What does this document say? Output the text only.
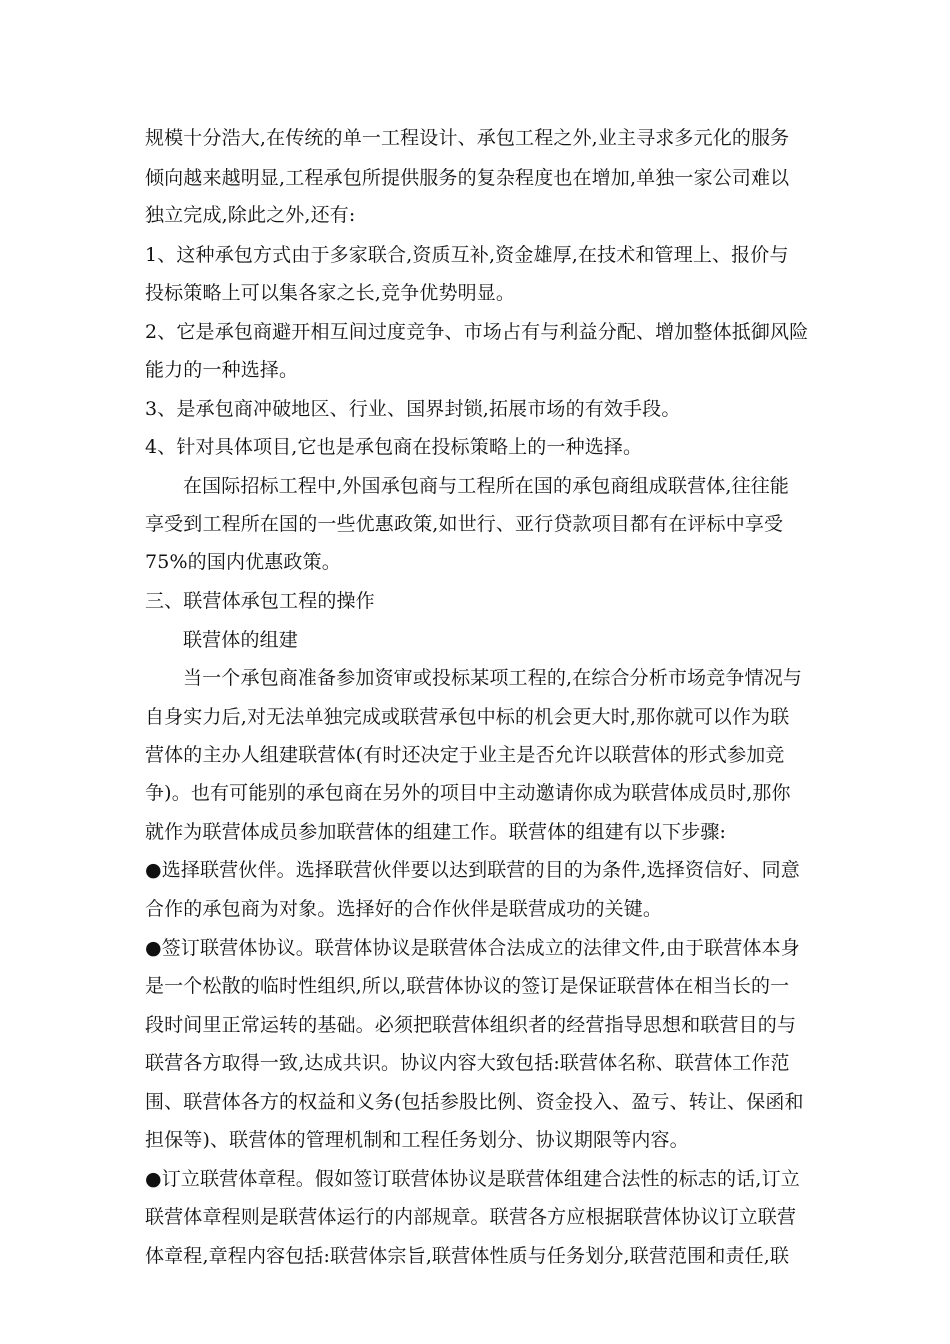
规模十分浩大,在传统的单一工程设计、承包工程之外,业主寻求多元化的服务
倾向越来越明显,工程承包所提供服务的复杂程度也在增加,单独一家公司难以
独立完成,除此之外,还有:
1、这种承包方式由于多家联合,资质互补,资金雄厚,在技术和管理上、报价与
投标策略上可以集各家之长,竞争优势明显。
2、它是承包商避开相互间过度竞争、市场占有与利益分配、增加整体抵御风险
能力的一种选择。
3、是承包商冲破地区、行业、国界封锁,拓展市场的有效手段。
4、针对具体项目,它也是承包商在投标策略上的一种选择。
在国际招标工程中,外国承包商与工程所在国的承包商组成联营体,往往能
享受到工程所在国的一些优惠政策,如世行、亚行贷款项目都有在评标中享受
75%的国内优惠政策。
三、联营体承包工程的操作
联营体的组建
当一个承包商准备参加资审或投标某项工程的,在综合分析市场竞争情况与
自身实力后,对无法单独完成或联营承包中标的机会更大时,那你就可以作为联
营体的主办人组建联营体(有时还决定于业主是否允许以联营体的形式参加竞
争)。也有可能别的承包商在另外的项目中主动邀请你成为联营体成员时,那你
就作为联营体成员参加联营体的组建工作。联营体的组建有以下步骤:
●选择联营伙伴。选择联营伙伴要以达到联营的目的为条件,选择资信好、同意
合作的承包商为对象。选择好的合作伙伴是联营成功的关键。
●签订联营体协议。联营体协议是联营体合法成立的法律文件,由于联营体本身
是一个松散的临时性组织,所以,联营体协议的签订是保证联营体在相当长的一
段时间里正常运转的基础。必须把联营体组织者的经营指导思想和联营目的与
联营各方取得一致,达成共识。协议内容大致包括:联营体名称、联营体工作范
围、联营体各方的权益和义务(包括参股比例、资金投入、盈亏、转让、保函和
担保等)、联营体的管理机制和工程任务划分、协议期限等内容。
●订立联营体章程。假如签订联营体协议是联营体组建合法性的标志的话,订立
联营体章程则是联营体运行的内部规章。联营各方应根据联营体协议订立联营
体章程,章程内容包括:联营体宗旨,联营体性质与任务划分,联营范围和责任,联
